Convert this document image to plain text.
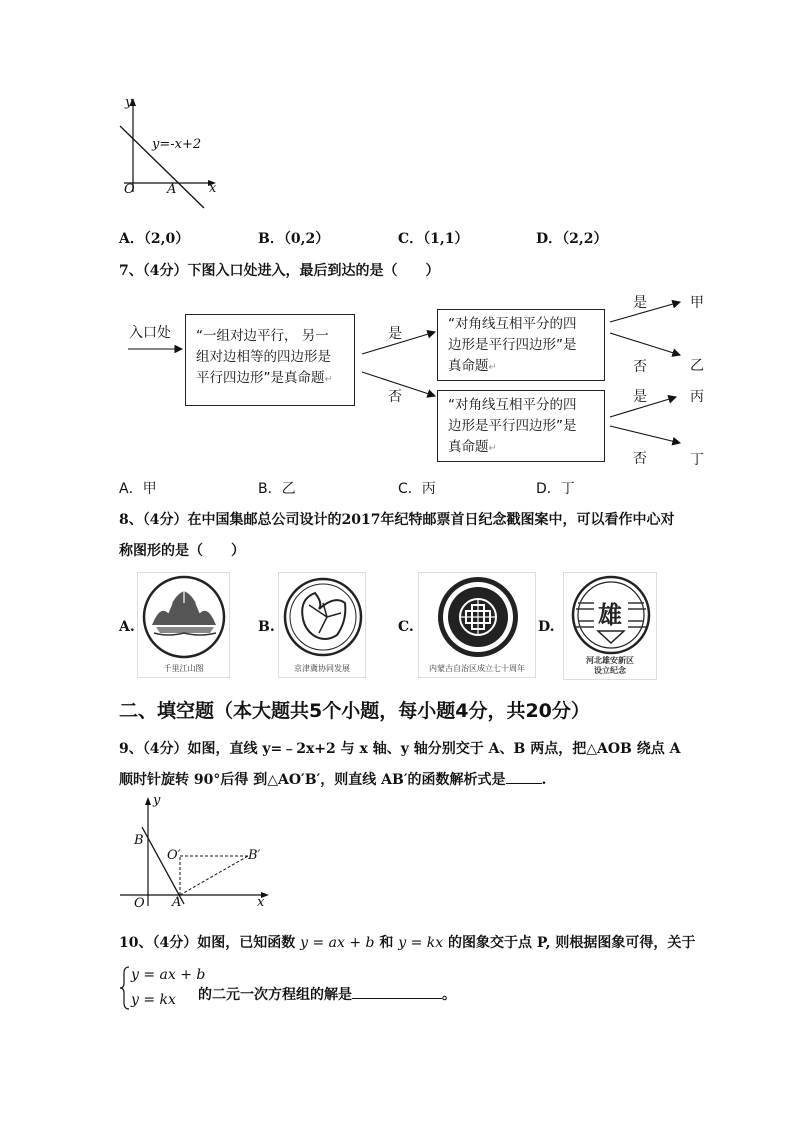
y
y=-x+2
O A	x
A．（2,0）	B．（0,2）	C．（1,1）	D．（2,2）
7、（4分）下图入口处进入，最后到达的是（　　）
入口处 “一组对边平行， 另一
组对边相等的四边形是
平行四边形”是真命题↵
“对角线互相平分的四
边形是平行四边形”是
真命题↵
“对角线互相平分的四
边形是平行四边形”是
真命题↵
是
否
是
否
是
否
甲
乙
丙
丁
A．甲	B．乙	C．丙	D．丁
8、（4分）在中国集邮总公司设计的2017年纪特邮票首日纪念戳图案中，可以看作中心对
称图形的是（　　）
A.	B.	C.	D.
千里江山图	京津冀协同发展	内蒙古自治区成立七十周年
雄
河北雄安新区
设立纪念
二、填空题（本大题共5个小题，每小题4分，共20分）
9、（4分）如图，直线 y=﹣2x+2 与 x 轴、y 轴分别交于 A、B 两点，把△AOB 绕点 A
顺时针旋转 90°后得 到△AO′B′，则直线 AB′的函数解析式是	.
y
B
O′	B′
O A	x
10、（4分）如图，已知函数 y = ax + b 和 y = kx 的图象交于点 P, 则根据图象可得，关于
y = ax + b
y = kx 的二元一次方程组的解是	。
